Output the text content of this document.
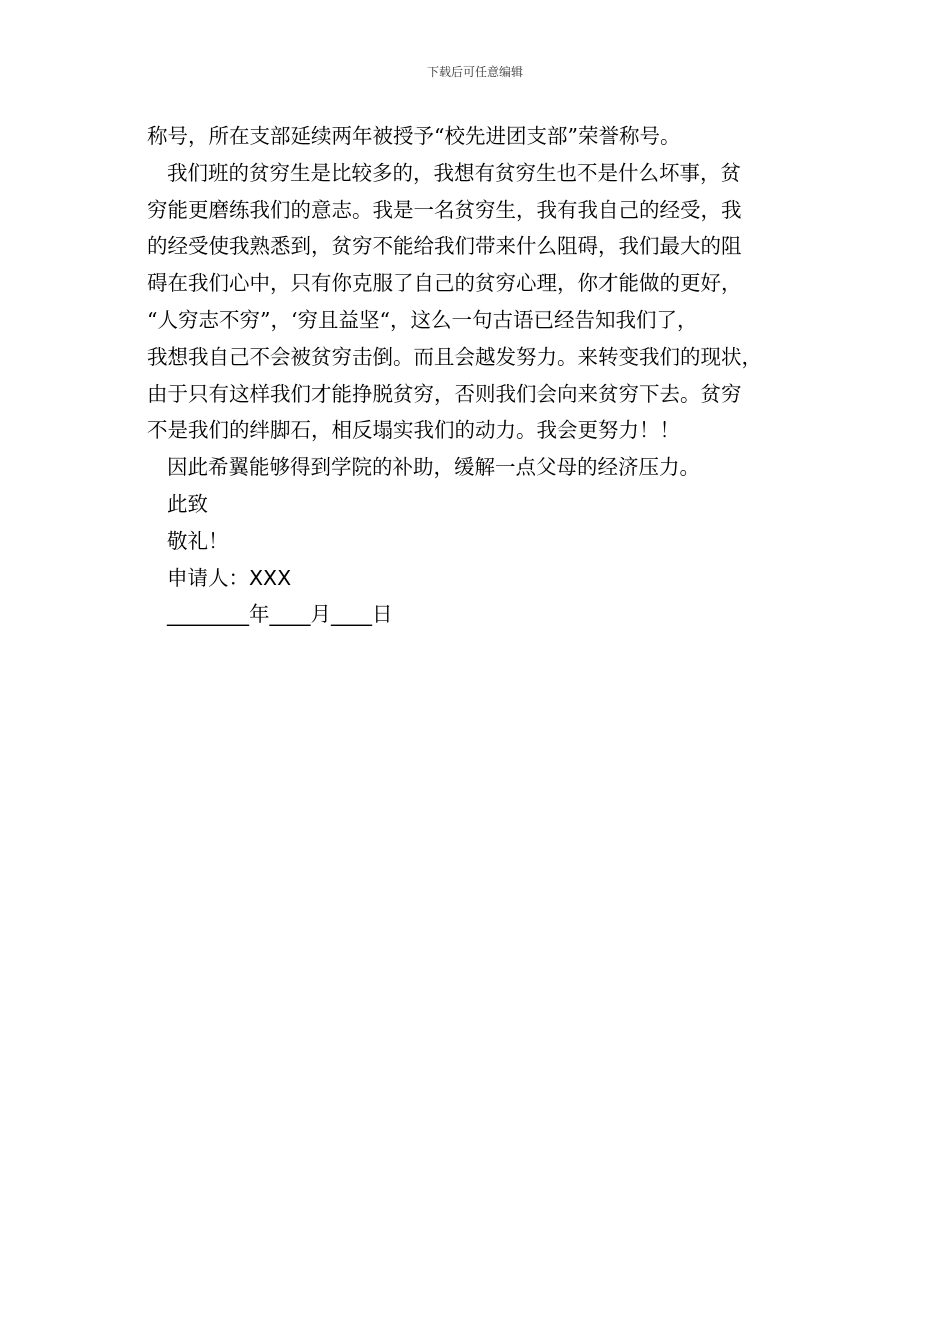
下载后可任意编辑
称号，所在支部延续两年被授予“校先进团支部”荣誉称号。
我们班的贫穷生是比较多的，我想有贫穷生也不是什么坏事，贫
穷能更磨练我们的意志。我是一名贫穷生，我有我自己的经受，我
的经受使我熟悉到，贫穷不能给我们带来什么阻碍，我们最大的阻
碍在我们心中，只有你克服了自己的贫穷心理，你才能做的更好，
“人穷志不穷”，‘穷且益坚“，这么一句古语已经告知我们了，
我想我自己不会被贫穷击倒。而且会越发努力。来转变我们的现状，
由于只有这样我们才能挣脱贫穷，否则我们会向来贫穷下去。贫穷
不是我们的绊脚石，相反塌实我们的动力。我会更努力！！
因此希翼能够得到学院的补助，缓解一点父母的经济压力。
此致
敬礼！
申请人：XXX
________年____月____日
